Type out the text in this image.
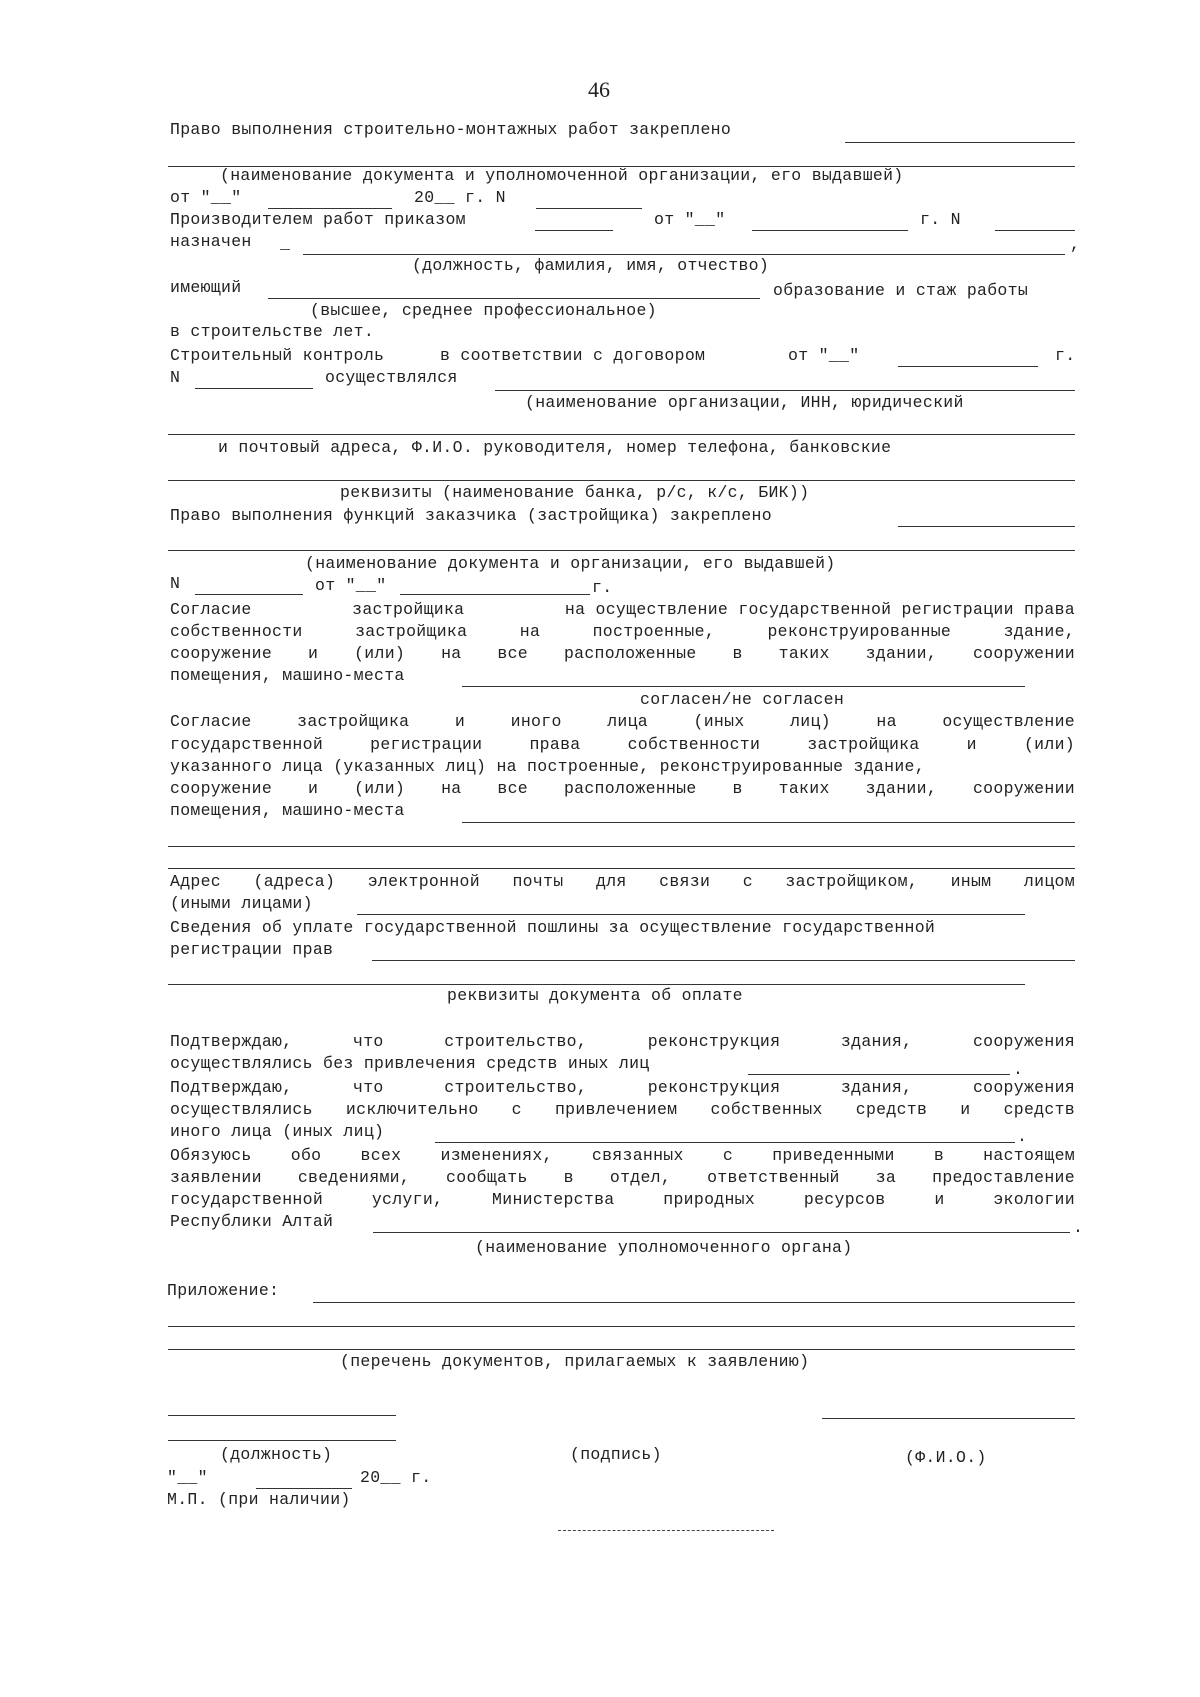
46
Право выполнения строительно-монтажных работ закреплено
(наименование документа и уполномоченной организации, его выдавшей)
от "__"	20__ г. N
Производителем работ приказом	от "__"	г. N
назначен _	,
(должность, фамилия, имя, отчество)
имеющий	образование и стаж работы
(высшее, среднее профессиональное)
в строительстве лет.
Строительный контроль	в соответствии с договором	от "__"	г.
N	осуществлялся
(наименование организации, ИНН, юридический
и почтовый адреса, Ф.И.О. руководителя, номер телефона, банковские
реквизиты (наименование банка, р/с, к/с, БИК))
Право выполнения функций заказчика (застройщика) закреплено
(наименование документа и организации, его выдавшей)
N	от "__"	г.
Согласие	застройщика	на осуществление государственной регистрации права
собственности	застройщика	на	построенные,	реконструированные	здание,
сооружение и (или) на все расположенные в таких здании, сооружении
помещения, машино-места
согласен/не согласен
Согласие	застройщика	и	иного	лица	(иных	лиц)	на	осуществление
государственной	регистрации	права	собственности	застройщика	и	(или)
указанного лица (указанных лиц) на построенные, реконструированные здание,
сооружение и (или) на все расположенные в таких здании, сооружении
помещения, машино-места
Адрес (адреса) электронной почты для связи с застройщиком, иным лицом
(иными лицами)
Сведения об уплате государственной пошлины за осуществление государственной
регистрации прав
реквизиты документа об оплате
Подтверждаю,	что	строительство,	реконструкция	здания,	сооружения
осуществлялись без привлечения средств иных лиц	.
Подтверждаю,	что	строительство,	реконструкция	здания,	сооружения
осуществлялись исключительно с привлечением собственных средств и средств
иного лица (иных лиц)	.
Обязуюсь обо всех изменениях, связанных с приведенными в настоящем
заявлении сведениями, сообщать в отдел, ответственный за предоставление
государственной	услуги,	Министерства	природных	ресурсов	и	экологии
Республики Алтай	.
(наименование уполномоченного органа)
Приложение:
(перечень документов, прилагаемых к заявлению)
(должность)	(подпись)	(Ф.И.О.)
"__"	20__ г.
М.П. (при наличии)
